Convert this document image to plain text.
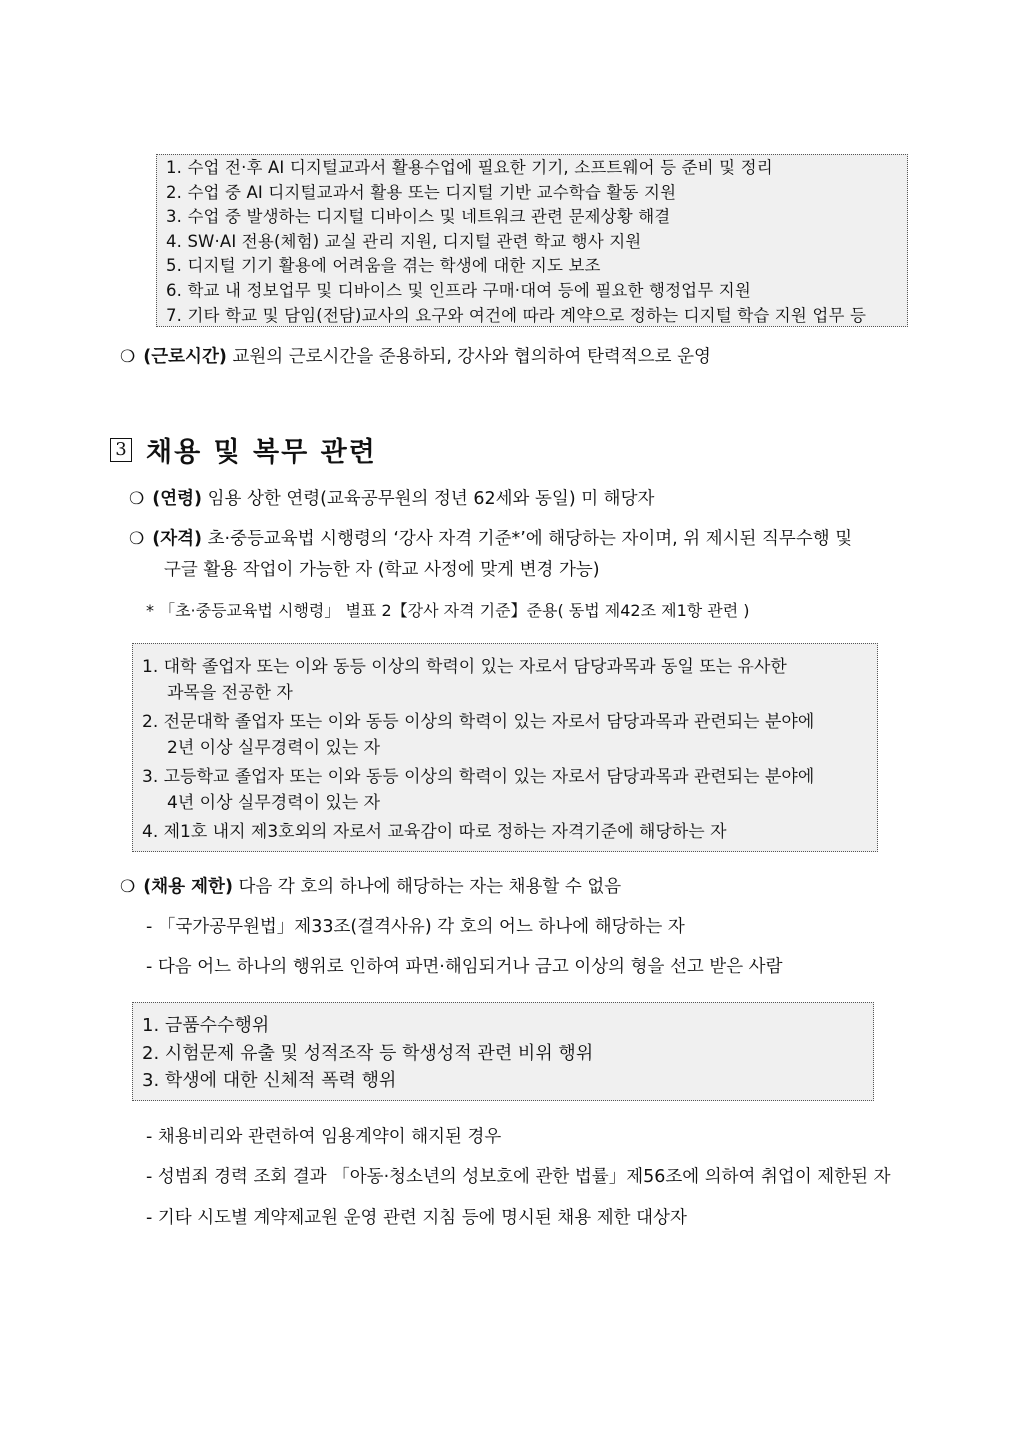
1. 수업 전·후 AI 디지털교과서 활용수업에 필요한 기기, 소프트웨어 등 준비 및 정리
2. 수업 중 AI 디지털교과서 활용 또는 디지털 기반 교수학습 활동 지원
3. 수업 중 발생하는 디지털 디바이스 및 네트워크 관련 문제상황 해결
4. SW·AI 전용(체험) 교실 관리 지원, 디지털 관련 학교 행사 지원
5. 디지털 기기 활용에 어려움을 겪는 학생에 대한 지도 보조
6. 학교 내 정보업무 및 디바이스 및 인프라 구매·대여 등에 필요한 행정업무 지원
7. 기타 학교 및 담임(전담)교사의 요구와 여건에 따라 계약으로 정하는 디지털 학습 지원 업무 등
❍ (근로시간) 교원의 근로시간을 준용하되, 강사와 협의하여 탄력적으로 운영
3 채용 및 복무 관련
❍ (연령) 임용 상한 연령(교육공무원의 정년 62세와 동일) 미 해당자
❍ (자격) 초·중등교육법 시행령의 ‘강사 자격 기준*’에 해당하는 자이며, 위 제시된 직무수행 및
구글 활용 작업이 가능한 자 (학교 사정에 맞게 변경 가능)
* 「초·중등교육법 시행령」 별표 2【강사 자격 기준】준용( 동법 제42조 제1항 관련 )
1. 대학 졸업자 또는 이와 동등 이상의 학력이 있는 자로서 담당과목과 동일 또는 유사한
과목을 전공한 자
2. 전문대학 졸업자 또는 이와 동등 이상의 학력이 있는 자로서 담당과목과 관련되는 분야에
2년 이상 실무경력이 있는 자
3. 고등학교 졸업자 또는 이와 동등 이상의 학력이 있는 자로서 담당과목과 관련되는 분야에
4년 이상 실무경력이 있는 자
4. 제1호 내지 제3호외의 자로서 교육감이 따로 정하는 자격기준에 해당하는 자
❍ (채용 제한) 다음 각 호의 하나에 해당하는 자는 채용할 수 없음
- 「국가공무원법」제33조(결격사유) 각 호의 어느 하나에 해당하는 자
- 다음 어느 하나의 행위로 인하여 파면·해임되거나 금고 이상의 형을 선고 받은 사람
1. 금품수수행위
2. 시험문제 유출 및 성적조작 등 학생성적 관련 비위 행위
3. 학생에 대한 신체적 폭력 행위
- 채용비리와 관련하여 임용계약이 해지된 경우
- 성범죄 경력 조회 결과 「아동·청소년의 성보호에 관한 법률」제56조에 의하여 취업이 제한된 자
- 기타 시도별 계약제교원 운영 관련 지침 등에 명시된 채용 제한 대상자
